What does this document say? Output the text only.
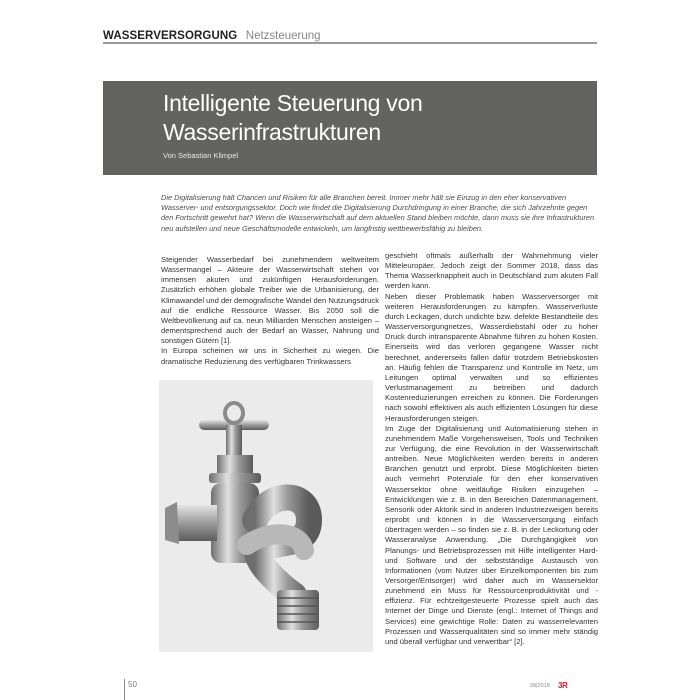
WASSERVERSORGUNG Netzsteuerung
Intelligente Steuerung von
Wasserinfrastrukturen
Von Sebastian Klimpel
Die Digitalisierung hält Chancen und Risiken für alle Branchen bereit. Immer mehr hält sie Einzug in den eher konservativen Wasserver- und entsorgungssektor. Doch wie findet die Digitalisierung Durchdringung in einer Branche, die sich Jahrzehnte gegen den Fortschritt gewehrt hat? Wenn die Wasserwirtschaft auf dem aktuellen Stand bleiben möchte, dann muss sie ihre Infrastrukturen neu aufstellen und neue Geschäftsmodelle entwickeln, um langfristig wettbewerbsfähig zu bleiben.

Steigender Wasserbedarf bei zunehmendem weltweitem Wassermangel – Akteure der Wasserwirtschaft stehen vor immensen akuten und zukünftigen Herausforderungen. Zusätzlich erhöhen globale Treiber wie die Urbanisierung, der Klimawandel und der demografische Wandel den Nutzungsdruck auf die endliche Ressource Wasser. Bis 2050 soll die Weltbevölkerung auf ca. neun Milliarden Menschen ansteigen – dementsprechend auch der Bedarf an Wasser, Nahrung und sonstigen Gütern [1].

In Europa scheinen wir uns in Sicherheit zu wiegen. Die dramatische Reduzierung des verfügbaren Trinkwassers

geschieht oftmals außerhalb der Wahrnehmung vieler Mitteleuropäer. Jedoch zeigt der Sommer 2018, dass das Thema Wasserknappheit auch in Deutschland zum akuten Fall werden kann.

Neben dieser Problematik haben Wasserversorger mit weiteren Herausforderungen zu kämpfen. Wasserverluste durch Leckagen, durch undichte bzw. defekte Bestandteile des Wasserversorgungnetzes, Wasserdiebstahl oder zu hoher Druck durch intransparente Abnahme führen zu hohen Kosten. Einerseits wird das verloren gegangene Wasser nicht berechnet, andererseits fallen dafür trotzdem Betriebskosten an. Häufig fehlen die Transparenz und Kontrolle im Netz, um Leitungen optimal verwalten und so effizientes Verlustmanagement zu betreiben und dadurch Kostenreduzierungen erreichen zu können. Die Forderungen nach sowohl effektiven als auch effizienten Lösungen für diese Herausforderungen steigen.

Im Zuge der Digitalisierung und Automatisierung stehen in zunehmendem Maße Vorgehensweisen, Tools und Techniken zur Verfügung, die eine Revolution in der Wasserwirtschaft antreiben. Neue Möglichkeiten werden bereits in anderen Branchen genutzt und erprobt. Diese Möglichkeiten bieten auch vermehrt Potenziale für den eher konservativen Wassersektor ohne weitläufige Risiken einzugehen – Entwicklungen wie z. B. in den Bereichen Datenmanagement, Sensorik oder Aktorik sind in anderen Industriezweigen bereits erprobt und können in die Wasserversorgung einfach übertragen werden – so finden sie z. B. in der Leckortung oder Wasseranalyse Anwendung. „Die Durchgängigkeit von Planungs- und Betriebsprozessen mit Hilfe intelligenter Hard- und Software und der selbstständige Austausch von Informationen (vom Nutzer über Einzelkomponenten bis zum Versorger/Entsorger) wird daher auch im Wassersektor zunehmend ein Muss für Ressourcenproduktivität und -effizienz. Für echtzeitgesteuerte Prozesse spielt auch das Internet der Dinge und Dienste (engl.: Internet of Things and Services) eine gewichtige Rolle: Daten zu wasserrelevanten Prozessen und Wasserqualitäten sind so immer mehr ständig und überall verfügbar und verwertbar“ [2].

50	09|2018 3R
